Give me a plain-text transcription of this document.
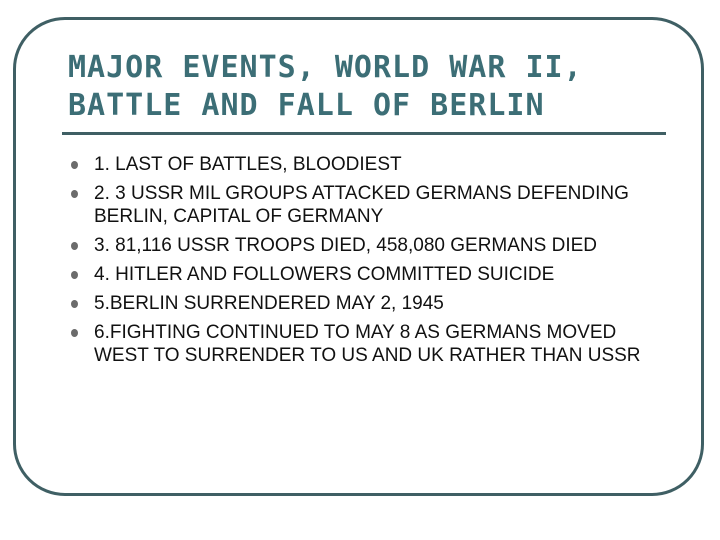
MAJOR EVENTS, WORLD WAR II,
BATTLE AND FALL OF BERLIN
1. LAST OF BATTLES, BLOODIEST
2. 3 USSR MIL GROUPS ATTACKED GERMANS DEFENDING BERLIN, CAPITAL OF GERMANY
3. 81,116 USSR TROOPS DIED, 458,080 GERMANS DIED
4. HITLER AND FOLLOWERS COMMITTED SUICIDE
5.BERLIN SURRENDERED MAY 2, 1945
6.FIGHTING CONTINUED TO MAY 8 AS GERMANS MOVED WEST TO SURRENDER TO US AND UK RATHER THAN USSR
